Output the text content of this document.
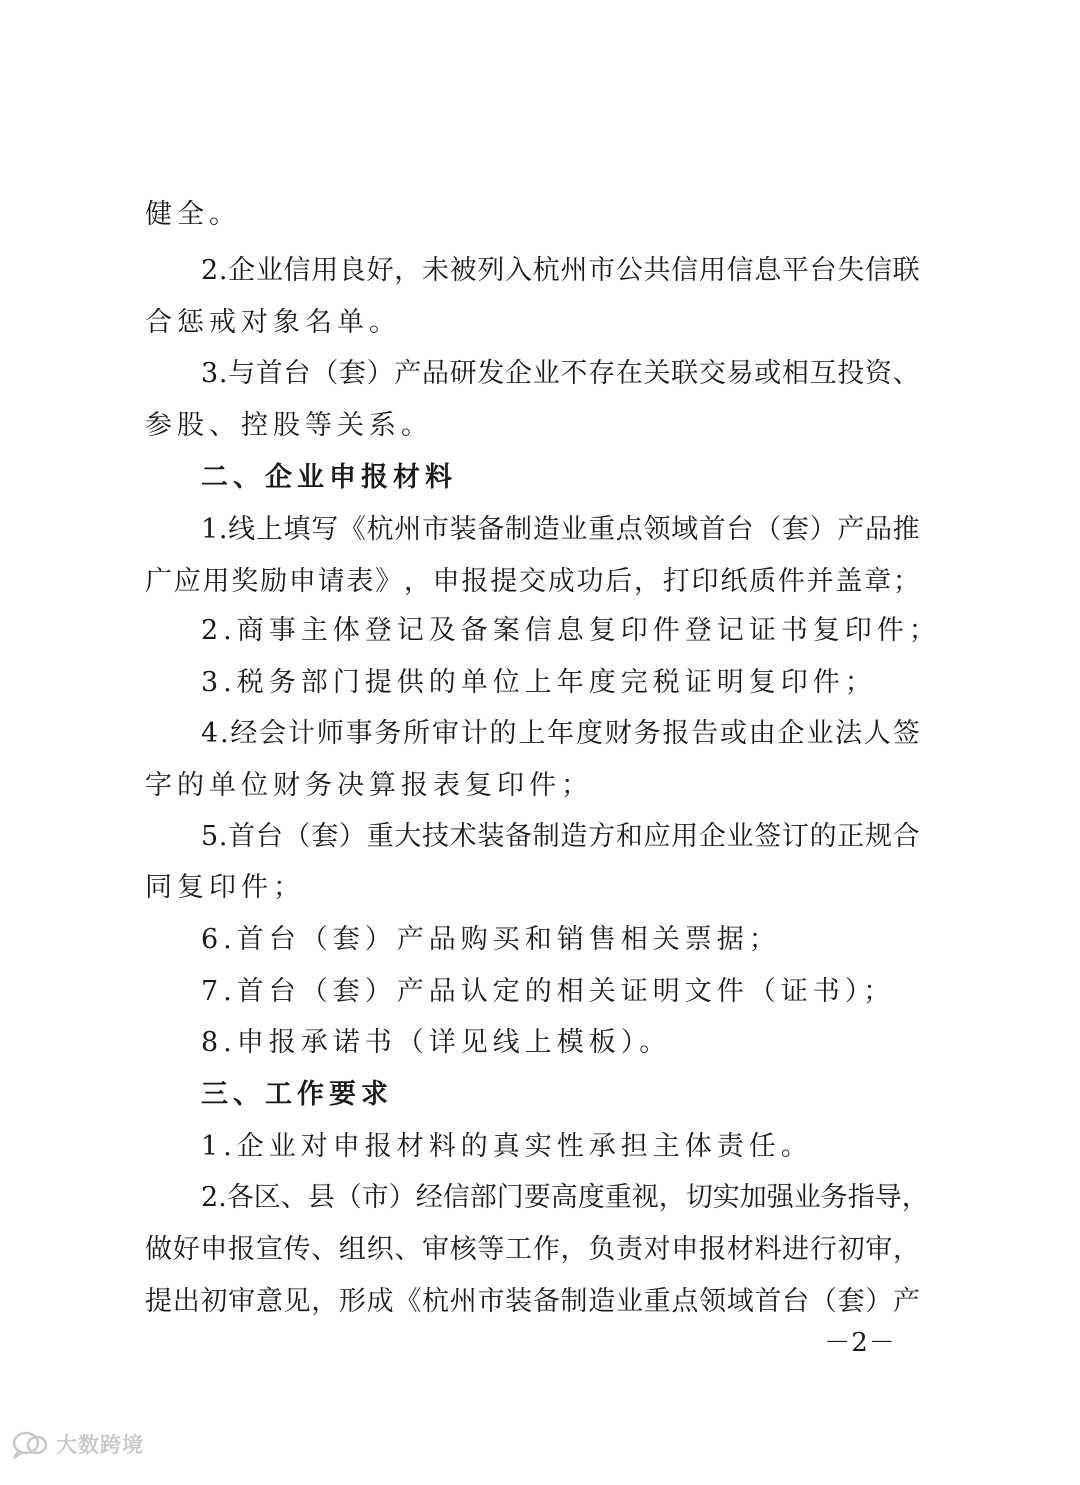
健全。
2 . 企 业 信 用 良 好 ， 未 被 列 入 杭 州 市 公 共 信 用 信 息 平 台 失 信 联
合惩戒对象名单。
3 . 与 首 台 （ 套 ） 产 品 研 发 企 业 不 存 在 关 联 交 易 或 相 互 投 资 、
参股、控股等关系。
二、企业申报材料
1 . 线 上 填 写 《 杭 州 市 装 备 制 造 业 重 点 领 域 首 台 （ 套 ） 产 品 推
广 应 用 奖 励 申 请 表 》 ， 申 报 提 交 成 功 后 ， 打 印 纸 质 件 并 盖 章 ；
2.商事主体登记及备案信息复印件登记证书复印件；
3.税务部门提供的单位上年度完税证明复印件；
4 . 经 会 计 师 事 务 所 审 计 的 上 年 度 财 务 报 告 或 由 企 业 法 人 签
字的单位财务决算报表复印件；
5 . 首 台 （ 套 ） 重 大 技 术 装 备 制 造 方 和 应 用 企 业 签 订 的 正 规 合
同复印件；
6.首台（套）产品购买和销售相关票据；
7.首台（套）产品认定的相关证明文件（证书）；
8.申报承诺书（详见线上模板）。
三、工作要求
1.企业对申报材料的真实性承担主体责任。
2 . 各 区 、 县 （ 市 ） 经 信 部 门 要 高 度 重 视 ， 切 实 加 强 业 务 指 导 ，
做 好 申 报 宣 传 、 组 织 、 审 核 等 工 作 ， 负 责 对 申 报 材 料 进 行 初 审 ，
提 出 初 审 意 见 ， 形 成 《 杭 州 市 装 备 制 造 业 重 点 领 域 首 台 （ 套 ） 产
－2－
大数跨境
